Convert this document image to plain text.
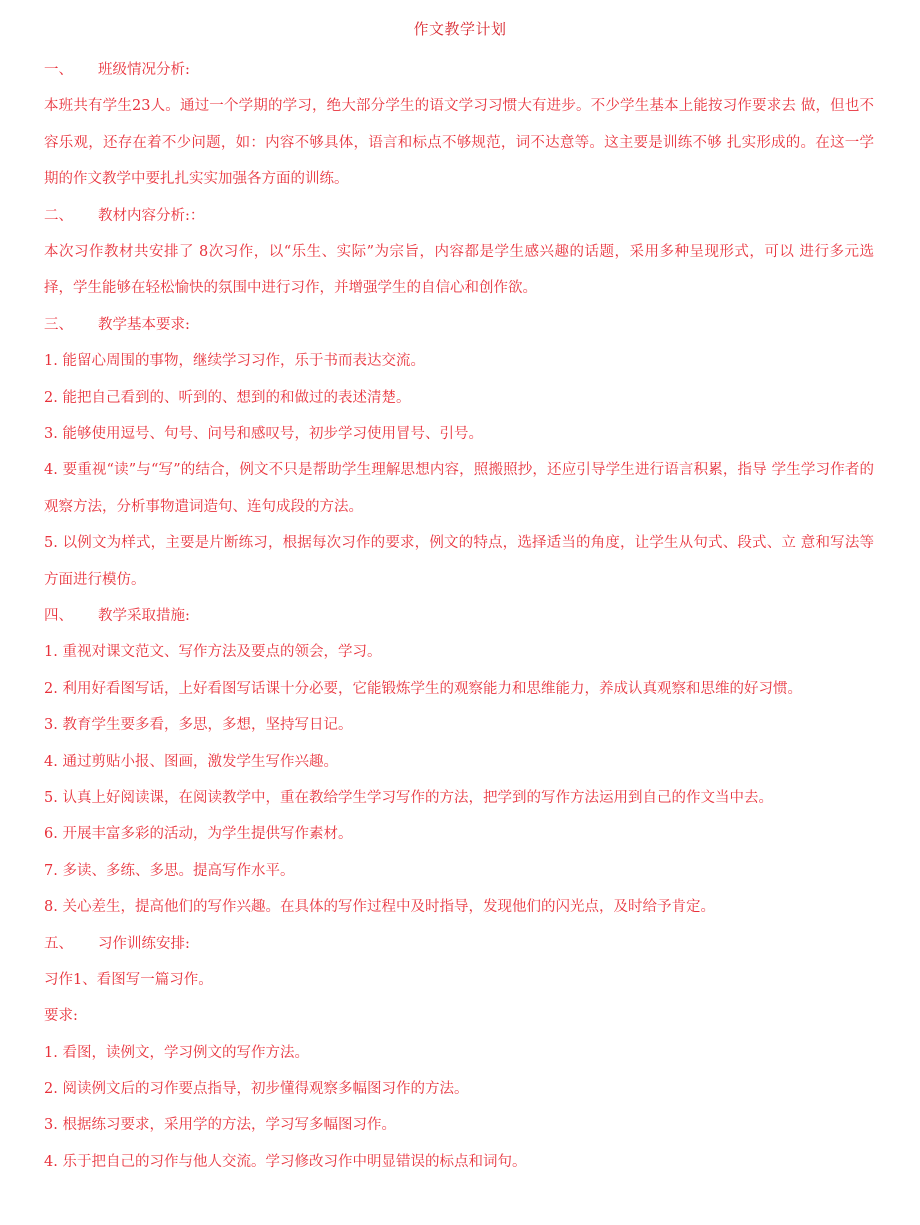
作文教学计划
一、 班级情况分析:
本班共有学生23人。通过一个学期的学习，绝大部分学生的语文学习习惯大有进步。不少学生基本上能按习作要求去 做，但也不容乐观，还存在着不少问题，如：内容不够具体，语言和标点不够规范，词不达意等。这主要是训练不够 扎实形成的。在这一学期的作文教学中要扎扎实实加强各方面的训练。
二、 教材内容分析:：
本次习作教材共安排了 8次习作，以“乐生、实际”为宗旨，内容都是学生感兴趣的话题，采用多种呈现形式，可以 进行多元选择，学生能够在轻松愉快的氛围中进行习作，并增强学生的自信心和创作欲。
三、 教学基本要求:
1. 能留心周围的事物，继续学习习作，乐于书而表达交流。
2. 能把自己看到的、听到的、想到的和做过的表述清楚。
3. 能够使用逗号、句号、问号和感叹号，初步学习使用冒号、引号。
4. 要重视“读”与“写”的结合，例文不只是帮助学生理解思想内容，照搬照抄，还应引导学生进行语言积累，指导 学生学习作者的观察方法，分析事物遣词造句、连句成段的方法。
5. 以例文为样式，主要是片断练习，根据每次习作的要求，例文的特点，选择适当的角度，让学生从句式、段式、立 意和写法等方面进行模仿。
四、 教学采取措施:
1. 重视对课文范文、写作方法及要点的领会，学习。
2. 利用好看图写话，上好看图写话课十分必要，它能锻炼学生的观察能力和思维能力，养成认真观察和思维的好习惯。
3. 教育学生要多看，多思，多想，坚持写日记。
4. 通过剪贴小报、图画，激发学生写作兴趣。
5. 认真上好阅读课，在阅读教学中，重在教给学生学习写作的方法，把学到的写作方法运用到自己的作文当中去。
6. 开展丰富多彩的活动，为学生提供写作素材。
7. 多读、多练、多思。提高写作水平。
8. 关心差生，提高他们的写作兴趣。在具体的写作过程中及时指导，发现他们的闪光点，及时给予肯定。
五、 习作训练安排:
习作1、看图写一篇习作。
要求:
1. 看图，读例文，学习例文的写作方法。
2. 阅读例文后的习作要点指导，初步懂得观察多幅图习作的方法。
3. 根据练习要求，采用学的方法，学习写多幅图习作。
4. 乐于把自己的习作与他人交流。学习修改习作中明显错误的标点和词句。
